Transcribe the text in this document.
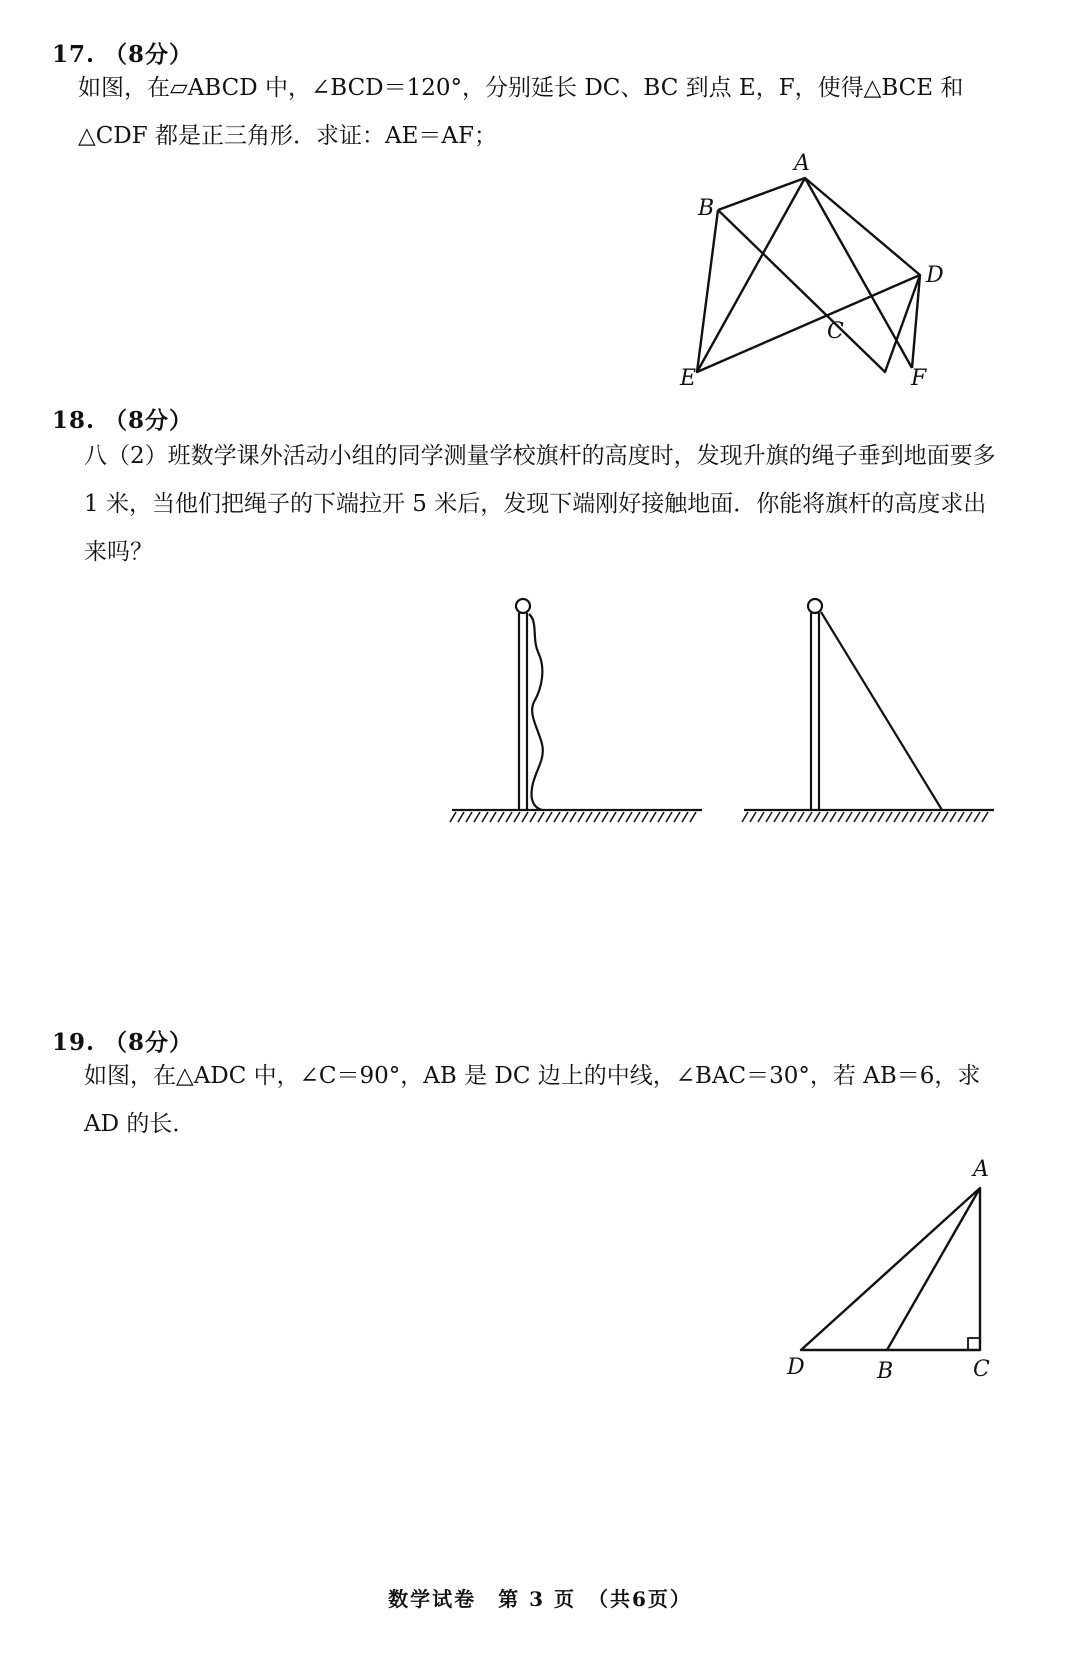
17. （8分）
如图，在▱ABCD 中，∠BCD＝120°，分别延长 DC、BC 到点 E，F，使得△BCE 和△CDF 都是正三角形．求证：AE＝AF；
A
B
C
D
E	F
18. （8分）
八（2）班数学课外活动小组的同学测量学校旗杆的高度时，发现升旗的绳子垂到地面要多 1 米，当他们把绳子的下端拉开 5 米后，发现下端刚好接触地面．你能将旗杆的高度求出来吗？
19. （8分）
如图，在△ADC 中，∠C＝90°，AB 是 DC 边上的中线，∠BAC＝30°，若 AB＝6，求 AD 的长．
A
D	B	C
数学试卷　第 3 页　（共6页）
